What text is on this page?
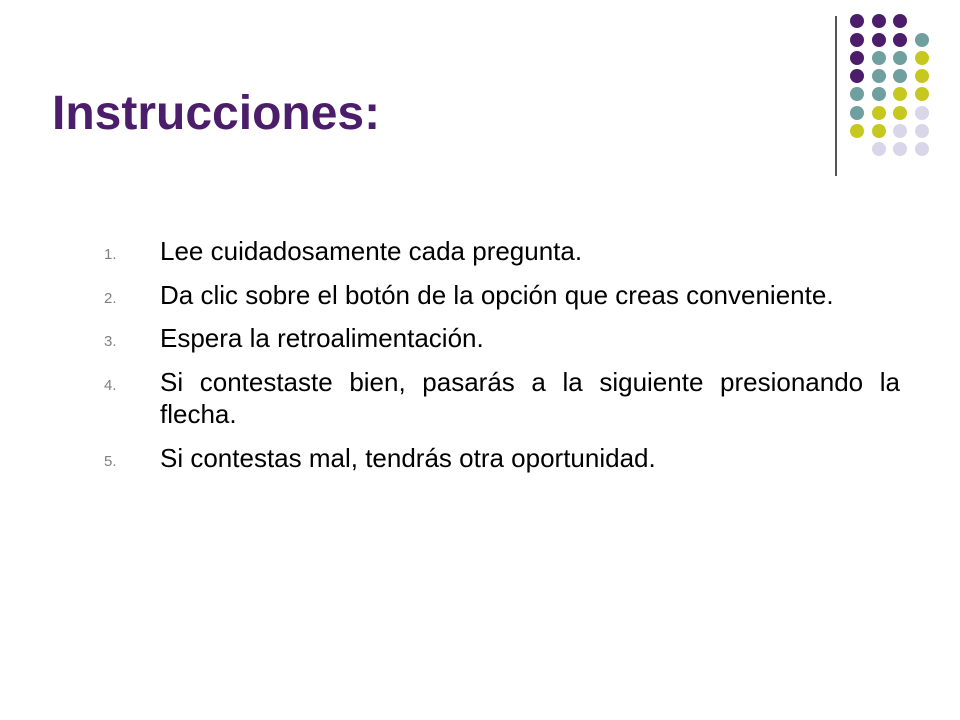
Instrucciones:
1.	Lee cuidadosamente cada pregunta.
2.	Da clic sobre el botón de la opción que creas conveniente.
3.	Espera la retroalimentación.
4.	Si contestaste bien, pasarás a la siguiente presionando la flecha.
5.	Si contestas mal, tendrás otra oportunidad.
